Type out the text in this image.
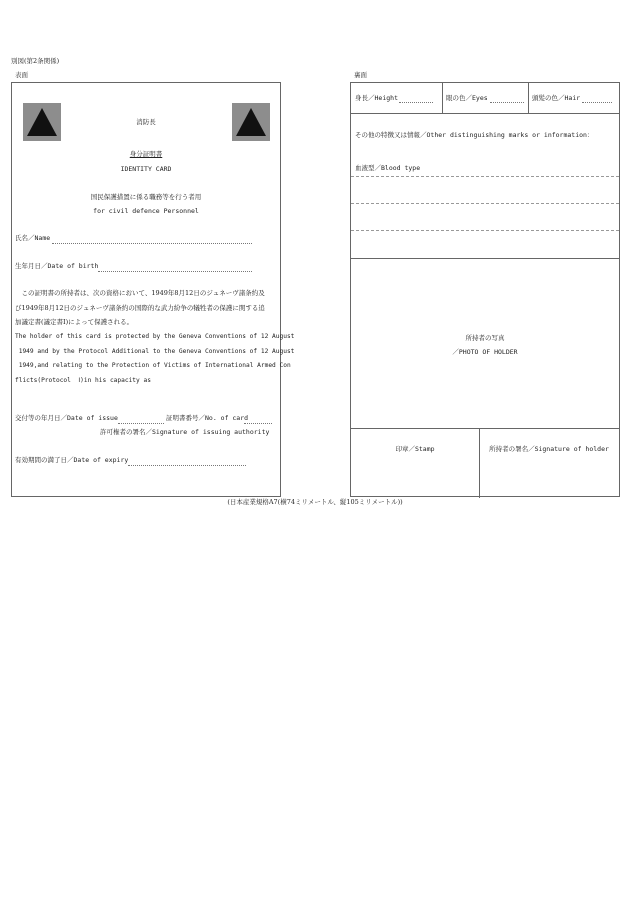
別図(第2条関係)
表面	裏面
消防長
身分証明書
IDENTITY CARD
国民保護措置に係る職務等を行う者用
for civil defence Personnel
氏名／Name
生年月日／Date of birth
　この証明書の所持者は、次の資格において、1949年8月12日のジュネーヴ諸条約及
び1949年8月12日のジュネーヴ諸条約の国際的な武力紛争の犠牲者の保護に関する追
加議定書(議定書Ⅰ)によって保護される。
The holder of this card is protected by the Geneva Conventions of 12 August
1949 and by the Protocol Additional to the Geneva Conventions of 12 August
1949,and relating to the Protection of Victims of International Armed Con
flicts(Protocol  Ⅰ)in his capacity as
交付等の年月日／Date of issue	証明書番号／No. of card
許可権者の署名／Signature of issuing authority
有効期間の満了日／Date of expiry
身長／Height	眼の色／Eyes	頭髪の色／Hair
その他の特徴又は情報／Other distinguishing marks or information：
血液型／Blood type
所持者の写真
／PHOTO OF HOLDER
印章／Stamp	所持者の署名／Signature of holder
(日本産業規格A7(横74ミリメートル、縦105ミリメートル))
